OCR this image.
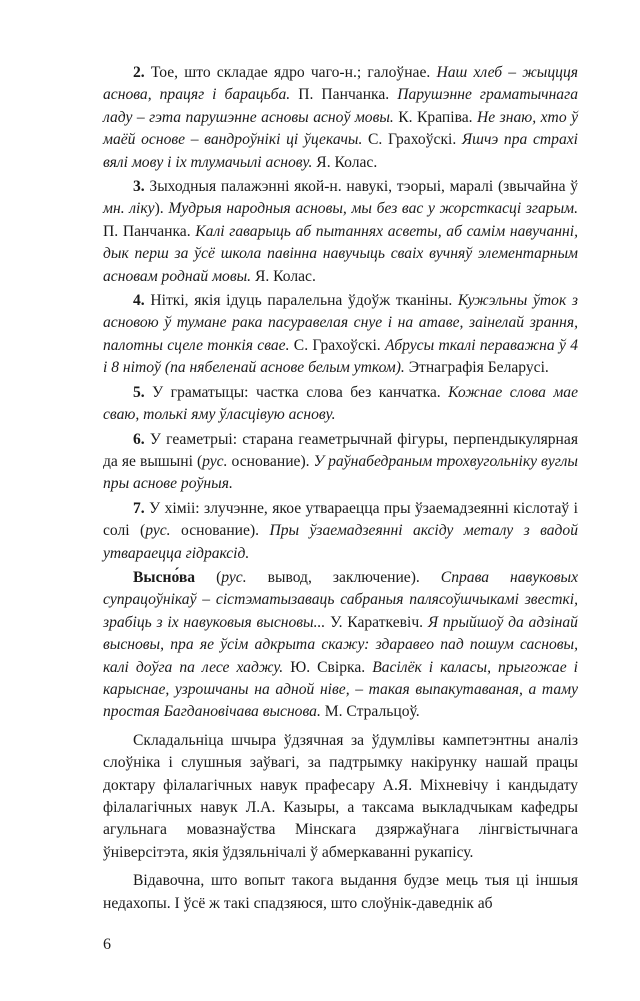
2. Тое, што складае ядро чаго-н.; галоўнае. Наш хлеб – жыццця аснова, працяг і барацьба. П. Панчанка. Парушэнне граматычнага ладу – гэта парушэнне асновы асноў мовы. К. Крапіва. Не знаю, хто ў маёй основе – вандроўнікі ці ўцекачы. С. Грахоўскі. Яшчэ пра страхі вялі мову і іх тлумачылі аснову. Я. Колас.

3. Зыходныя палажэнні якой-н. навукі, тэорыі, маралі (звычайна ў мн. ліку). Мудрыя народныя асновы, мы без вас у жорсткасці згарым. П. Панчанка. Калі гаварыць аб пытаннях асветы, аб самім навучанні, дык перш за ўсё школа павінна навучыць сваіх вучняў элементарным асновам роднай мовы. Я. Колас.

4. Ніткі, якія ідуць паралельна ўдоўж тканіны. Кужэльны ўток з асновою ў тумане рака пасуравелая снуе і на атаве, заінелай зрання, палотны сцеле тонкія свае. С. Грахоўскі. Абрусы ткалі пераважна ў 4 і 8 нітоў (па нябеленай аснове белым утком). Этнаграфія Беларусі.

5. У граматыцы: частка слова без канчатка. Кожнае слова мае сваю, толькі яму ўласцівую аснову.

6. У геаметрыі: старана геаметрычнай фігуры, перпендыкулярная да яе вышыні (рус. основание). У раўнабедраным трохвугольніку вуглы пры аснове роўныя.

7. У хіміі: злучэнне, якое утвараецца пры ўзаемадзеянні кіслотаў і солі (рус. основание). Пры ўзаемадзеянні аксіду металу з вадой утвараецца гідраксід.

Высно́ва (рус. вывод, заключение). Справа навуковых супрацоўнікаў – сістэматызаваць сабраныя палясоўшчыкамі звесткі, зрабіць з іх навуковыя высновы... У. Караткевіч. Я прыйшоў да адзінай высновы, пра яе ўсім адкрыта скажу: здаравео пад пошум сасновы, калі доўга па лесе хаджу. Ю. Свірка. Васілёк і каласы, прыгожае і карыснае, узрошчаны на адной ніве, – такая выпакутаваная, а таму простая Багдановічава выснова. М. Стральцоў.

Складальніца шчыра ўдзячная за ўдумлівы кампетэнтны аналіз слоўніка і слушныя заўвагі, за падтрымку накірунку нашай працы доктару філалагічных навук прафесару А.Я. Міхневічу і кандыдату філалагічных навук Л.А. Казыры, а таксама выкладчыкам кафедры агульнага мовазнаўства Мінскага дзяржаўнага лінгвістычнага ўніверсітэта, якія ўдзяльнічалі ў абмеркаванні рукапісу.

Відавочна, што вопыт такога выдання будзе мець тыя ці іншыя недахопы. І ўсё ж такі спадзяюся, што слоўнік-даведнік аб

6
